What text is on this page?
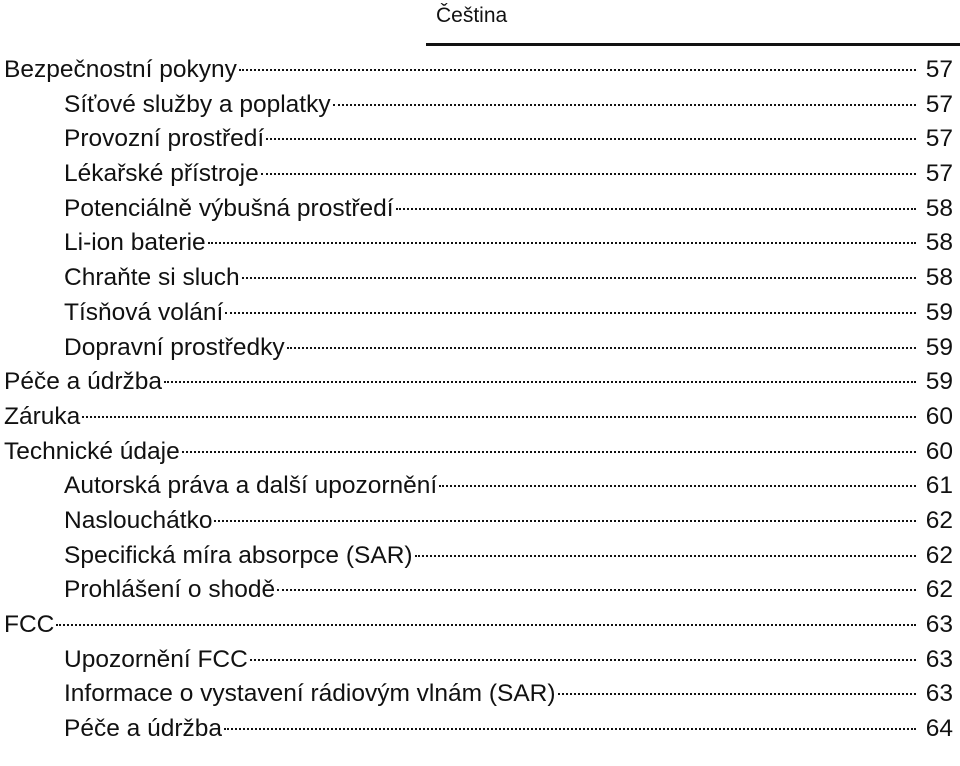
Čeština
Bezpečnostní pokyny	57
Síťové služby a poplatky	57
Provozní prostředí	57
Lékařské přístroje	57
Potenciálně výbušná prostředí	58
Li-ion baterie	58
Chraňte si sluch	58
Tísňová volání	59
Dopravní prostředky	59
Péče a údržba	59
Záruka	60
Technické údaje	60
Autorská práva a další upozornění	61
Naslouchátko	62
Specifická míra absorpce (SAR)	62
Prohlášení o shodě	62
FCC	63
Upozornění FCC	63
Informace o vystavení rádiovým vlnám (SAR)	63
Péče a údržba	64
